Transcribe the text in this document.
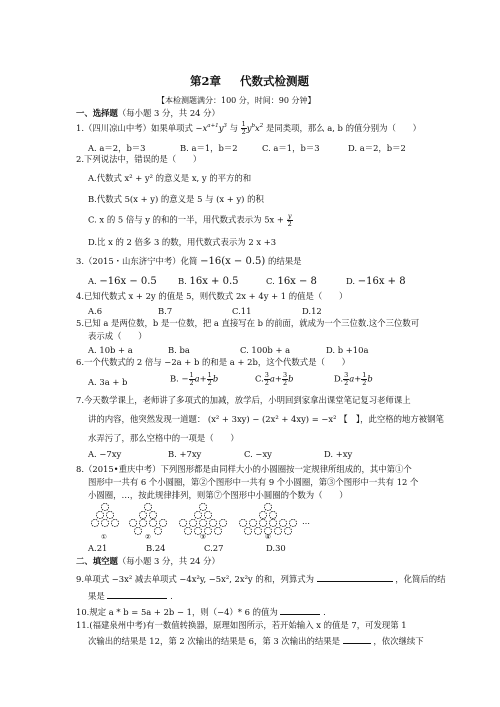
第2章 代数式检测题
【本检测题满分：100 分，时间：90 分钟】
一、选择题（每小题 3 分，共 24 分）
1.（四川凉山中考）如果单项式 $-x^{a+1}y^3$ 与 $\frac{1}{2} y^bx^2$ 是同类项，那么 a, b 的值分别为（　　）
A. a＝2，b＝3	B. a＝1，b＝2	C. a＝1，b＝3	D. a＝2，b＝2
2.下列说法中，错误的是（　　）
A.代数式 x² + y² 的意义是 x, y 的平方的和
B.代数式 5(x + y) 的意义是 5 与 (x + y) 的积
C. x 的 5 倍与 y 的和的一半，用代数式表示为 $5x + \frac{y}{2}$
D.比 x 的 2 倍多 3 的数，用代数式表示为 2 x +3
3.（2015・山东济宁中考）化简 −16(x − 0.5) 的结果是
A. −16x − 0.5	B. 16x + 0.5	C. 16x − 8	D. −16x + 8
4.已知代数式 x + 2y 的值是 5，则代数式 2x + 4y + 1 的值是（　　）
A.6	B.7	C.11	D.12
5.已知 a 是两位数，b 是一位数，把 a 直接写在 b 的前面，就成为一个三位数.这个三位数可
表示成（　　）
A. 10b + a	B. ba	C. 100b + a	D. b +10a
6.一个代数式的 2 倍与 −2a + b 的和是 a + 2b，这个代数式是（　　）
A. 3a + b	B. − $\frac{1}{2} a+ \frac{1}{2}$ b	C. $\frac{3}{2} a+ \frac{3}{2}$ b	D. $\frac{3}{2} a+ \frac{1}{2}$ b
7.今天数学课上，老师讲了多项式的加减，放学后，小明回到家拿出课堂笔记复习老师课上
讲的内容，他突然发现一道题： (x² + 3xy) − (2x² + 4xy) = −x² 【　】，此空格的地方被钢笔
水弄污了，那么空格中的一项是（　　）
A. −7xy	B. +7xy	C. −xy	D. +xy
8.（2015•重庆中考）下列图形都是由同样大小的小圆圈按一定规律所组成的，其中第①个
图形中一共有 6 个小圆圈，第②个图形中一共有 9 个小圆圈，第③个图形中一共有 12 个
小圆圈，…，按此规律排列，则第⑦个图形中小圆圈的个数为（　　）
①	②	③	④
…
A.21	B.24	C.27	D.30
二、填空题（每小题 3 分，共 24 分）
9.单项式 −3x² 减去单项式 −4x²y, −5x², 2x²y 的和，列算式为	，化简后的结
果是	.
10.规定 a * b = 5a + 2b − 1，则（−4）* 6 的值为	.
11.(福建泉州中考)有一数值转换器，原理如图所示，若开始输入 x 的值是 7，可发现第 1
次输出的结果是 12，第 2 次输出的结果是 6，第 3 次输出的结果是	，依次继续下
